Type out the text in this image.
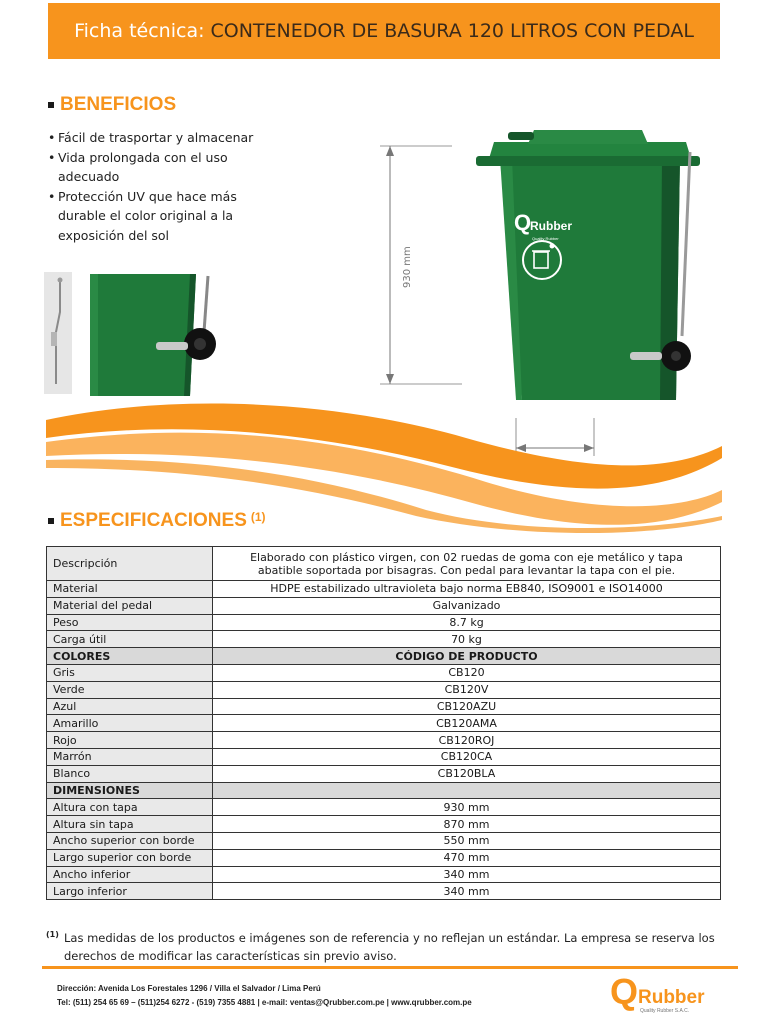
Ficha técnica: CONTENEDOR DE BASURA 120 LITROS CON PEDAL
BENEFICIOS
• Fácil de trasportar y almacenar
• Vida prolongada con el uso adecuado
• Protección UV que hace más durable el color original a la exposición del sol
930 mm
Q
Rubber
Quality Rubber
ESPECIFICACIONES $^{(1)}$
Descripción	Elaborado con plástico virgen, con 02 ruedas de goma con eje metálico y tapa
abatible soportada por bisagras. Con pedal para levantar la tapa con el pie.

Material	HDPE estabilizado ultravioleta bajo norma EB840, ISO9001 e ISO14000
Material del pedal	Galvanizado
Peso	8.7 kg
Carga útil	70 kg
COLORES	CÓDIGO DE PRODUCTO
Gris	CB120
Verde	CB120V
Azul	CB120AZU
Amarillo	CB120AMA
Rojo	CB120ROJ
Marrón	CB120CA
Blanco	CB120BLA
DIMENSIONES	
Altura con tapa	930 mm
Altura sin tapa	870 mm
Ancho superior con borde	550 mm
Largo superior con borde	470 mm
Ancho inferior	340 mm
Largo inferior	340 mm
(1) Las medidas de los productos e imágenes son de referencia y no reflejan un estándar. La empresa se reserva los derechos de modificar las características sin previo aviso.
Dirección: Avenida Los Forestales 1296 / Villa el Salvador / Lima Perú
Tel: (511) 254 65 69 – (511)254 6272 - (519) 7355 4881 | e-mail: ventas@Qrubber.com.pe | www.qrubber.com.pe	Q Rubber
Quality Rubber S.A.C.
